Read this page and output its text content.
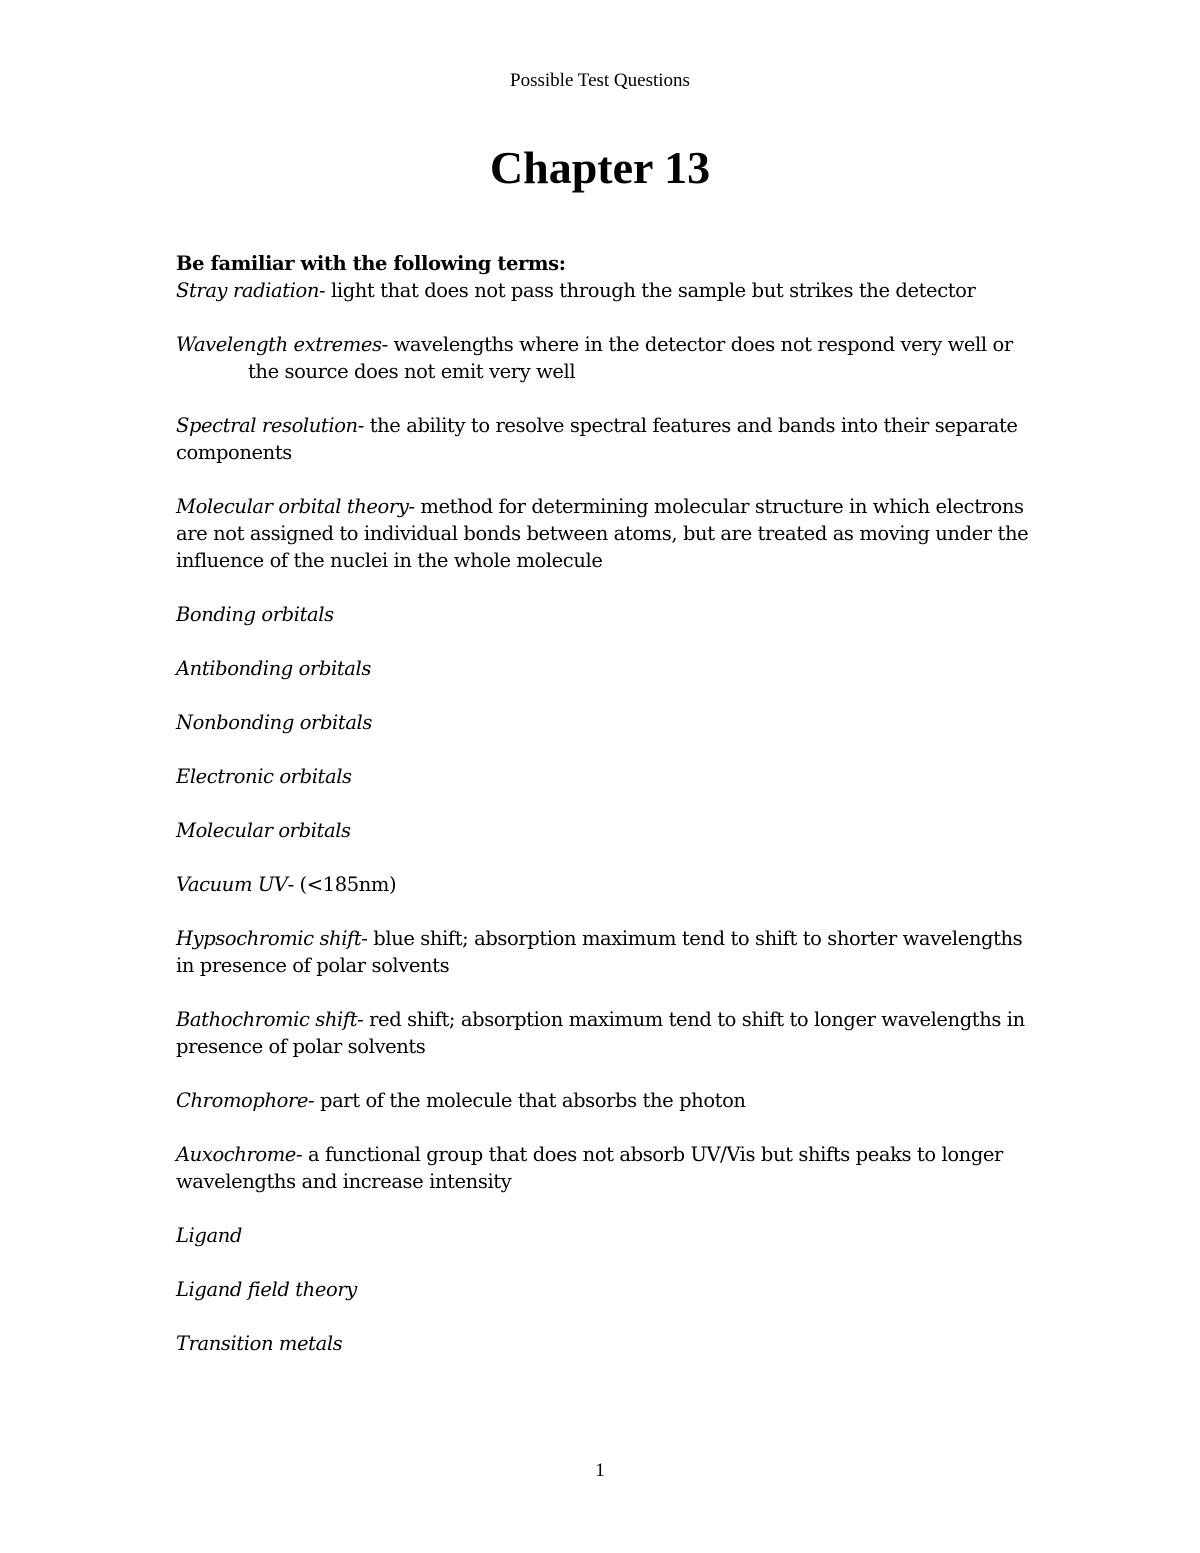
Possible Test Questions
Chapter 13

Be familiar with the following terms:

Stray radiation- light that does not pass through the sample but strikes the detector
Wavelength extremes- wavelengths where in the detector does not respond very well or
the source does not emit very well
Spectral resolution- the ability to resolve spectral features and bands into their separate components
Molecular orbital theory- method for determining molecular structure in which electrons are not assigned to individual bonds between atoms, but are treated as moving under the influence of the nuclei in the whole molecule
Bonding orbitals
Antibonding orbitals
Nonbonding orbitals
Electronic orbitals
Molecular orbitals
Vacuum UV- (<185nm)
Hypsochromic shift- blue shift; absorption maximum tend to shift to shorter wavelengths in presence of polar solvents
Bathochromic shift- red shift; absorption maximum tend to shift to longer wavelengths in presence of polar solvents
Chromophore- part of the molecule that absorbs the photon
Auxochrome- a functional group that does not absorb UV/Vis but shifts peaks to longer wavelengths and increase intensity
Ligand
Ligand field theory
Transition metals
1
